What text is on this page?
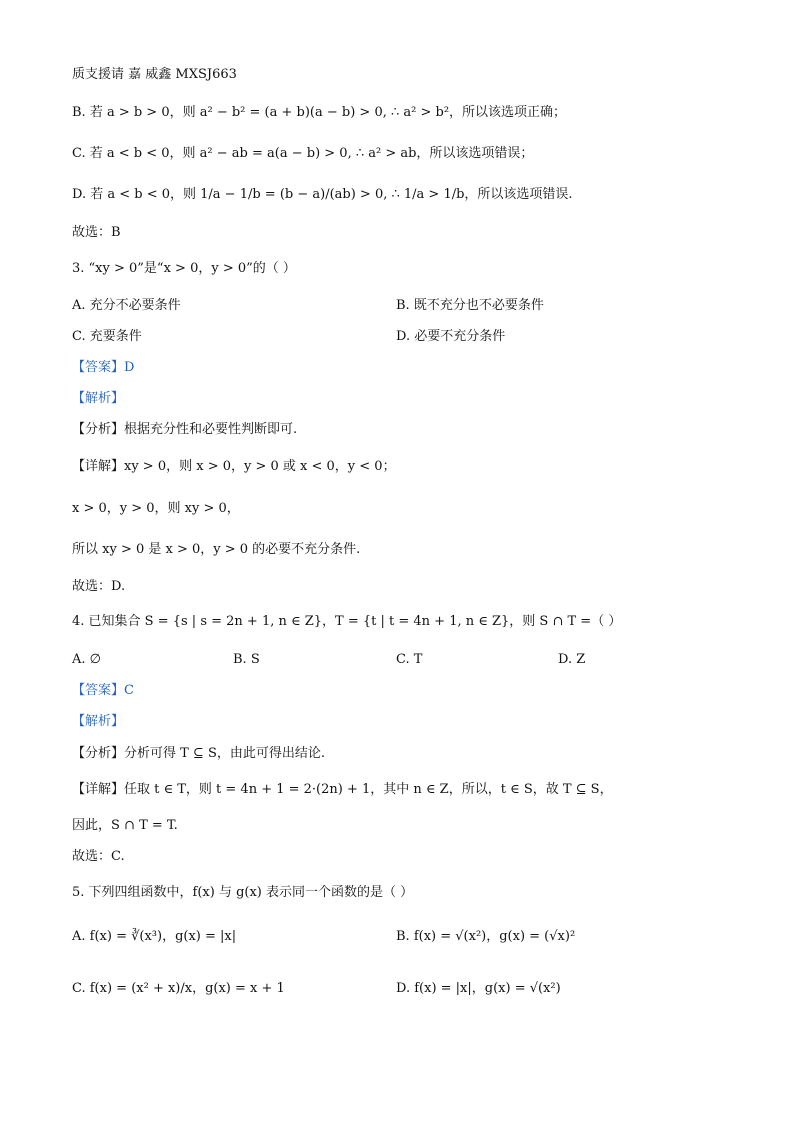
质支援请 嘉 威鑫 MXSJ663
B. 若 a > b > 0，则 a² − b² = (a + b)(a − b) > 0, ∴ a² > b²，所以该选项正确；
C. 若 a < b < 0，则 a² − ab = a(a − b) > 0, ∴ a² > ab，所以该选项错误；
D. 若 a < b < 0，则 1/a − 1/b = (b − a)/(ab) > 0, ∴ 1/a > 1/b，所以该选项错误.
故选：B
3. “xy > 0”是“x > 0，y > 0”的（ ）
A. 充分不必要条件	B. 既不充分也不必要条件
C. 充要条件	D. 必要不充分条件
【答案】D
【解析】
【分析】根据充分性和必要性判断即可.
【详解】xy > 0，则 x > 0，y > 0 或 x < 0，y < 0；
x > 0，y > 0，则 xy > 0，
所以 xy > 0 是 x > 0，y > 0 的必要不充分条件.
故选：D.
4. 已知集合 S = {s | s = 2n + 1, n ∈ Z}，T = {t | t = 4n + 1, n ∈ Z}，则 S ∩ T =（ ）
A. ∅	B. S	C. T	D. Z
【答案】C
【解析】
【分析】分析可得 T ⊆ S，由此可得出结论.
【详解】任取 t ∈ T，则 t = 4n + 1 = 2·(2n) + 1，其中 n ∈ Z，所以，t ∈ S，故 T ⊆ S，
因此，S ∩ T = T.
故选：C.
5. 下列四组函数中，f(x) 与 g(x) 表示同一个函数的是（ ）
A. f(x) = ∛(x³)，g(x) = |x|	B. f(x) = √(x²)，g(x) = (√x)²
C. f(x) = (x² + x)/x，g(x) = x + 1	D. f(x) = |x|，g(x) = √(x²)
